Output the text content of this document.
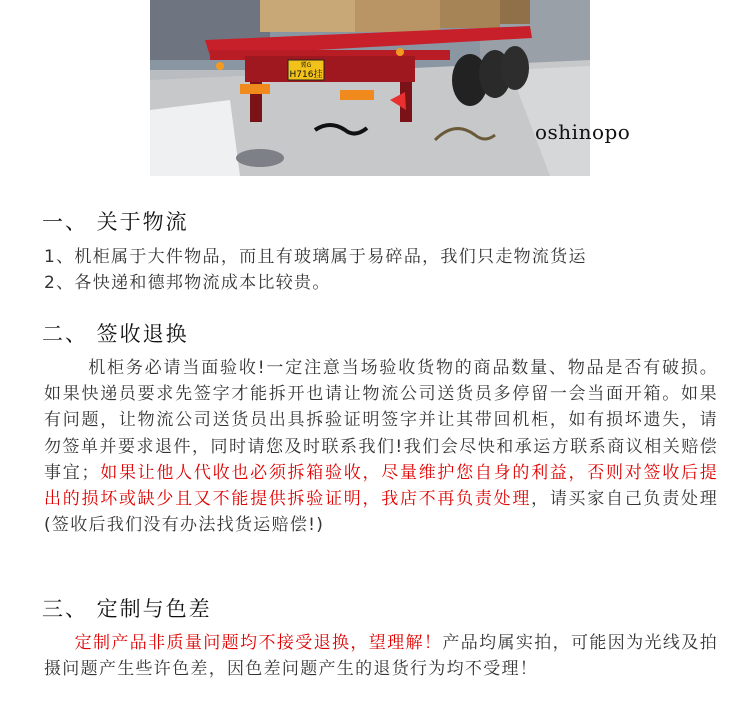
冀G
H716挂
oshinopo
一、 关于物流

1、机柜属于大件物品，而且有玻璃属于易碎品，我们只走物流货运
2、各快递和德邦物流成本比较贵。

二、 签收退换

机柜务必请当面验收!一定注意当场验收货物的商品数量、物品是否有破损。如果快递员要求先签字才能拆开也请让物流公司送货员多停留一会当面开箱。如果有问题，让物流公司送货员出具拆验证明签字并让其带回机柜，如有损坏遗失，请勿签单并要求退件，同时请您及时联系我们!我们会尽快和承运方联系商议相关赔偿事宜；如果让他人代收也必须拆箱验收，尽量维护您自身的利益，否则对签收后提出的损坏或缺少且又不能提供拆验证明，我店不再负责处理，请买家自己负责处理(签收后我们没有办法找货运赔偿!)

三、 定制与色差

定制产品非质量问题均不接受退换，望理解！产品均属实拍，可能因为光线及拍摄问题产生些许色差，因色差问题产生的退货行为均不受理！
